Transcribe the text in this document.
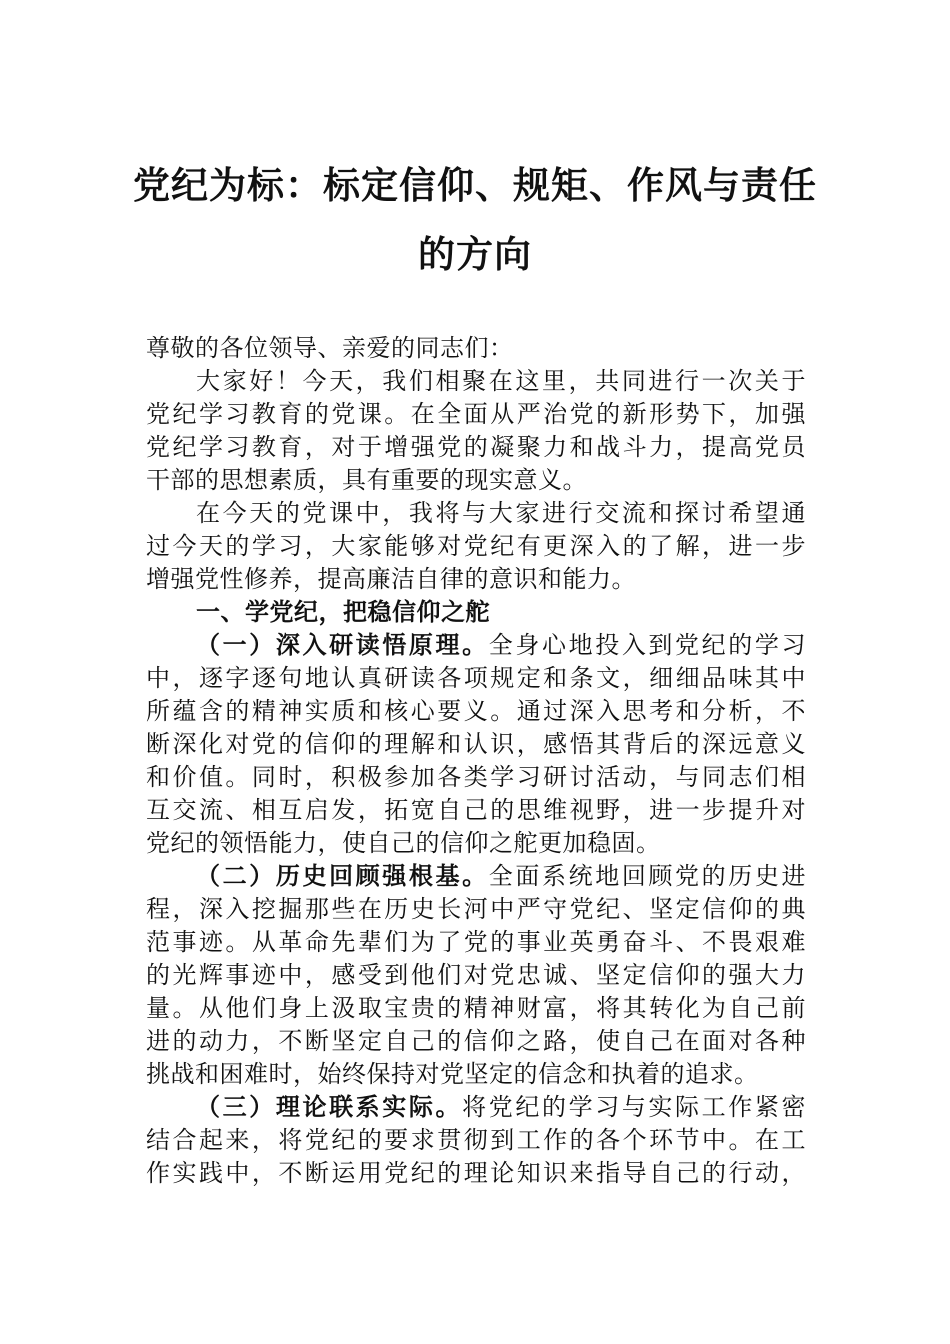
党纪为标：标定信仰、规矩、作风与责任
的方向
尊敬的各位领导、亲爱的同志们：
大家好！今天，我们相聚在这里，共同进行一次关于
党纪学习教育的党课。在全面从严治党的新形势下，加强
党纪学习教育，对于增强党的凝聚力和战斗力，提高党员
干部的思想素质，具有重要的现实意义。
在今天的党课中，我将与大家进行交流和探讨希望通
过今天的学习，大家能够对党纪有更深入的了解，进一步
增强党性修养，提高廉洁自律的意识和能力。
一、学党纪，把稳信仰之舵
（一）深入研读悟原理。全身心地投入到党纪的学习
中，逐字逐句地认真研读各项规定和条文，细细品味其中
所蕴含的精神实质和核心要义。通过深入思考和分析，不
断深化对党的信仰的理解和认识，感悟其背后的深远意义
和价值。同时，积极参加各类学习研讨活动，与同志们相
互交流、相互启发，拓宽自己的思维视野，进一步提升对
党纪的领悟能力，使自己的信仰之舵更加稳固。
（二）历史回顾强根基。全面系统地回顾党的历史进
程，深入挖掘那些在历史长河中严守党纪、坚定信仰的典
范事迹。从革命先辈们为了党的事业英勇奋斗、不畏艰难
的光辉事迹中，感受到他们对党忠诚、坚定信仰的强大力
量。从他们身上汲取宝贵的精神财富，将其转化为自己前
进的动力，不断坚定自己的信仰之路，使自己在面对各种
挑战和困难时，始终保持对党坚定的信念和执着的追求。
（三）理论联系实际。将党纪的学习与实际工作紧密
结合起来，将党纪的要求贯彻到工作的各个环节中。在工
作实践中，不断运用党纪的理论知识来指导自己的行动，
